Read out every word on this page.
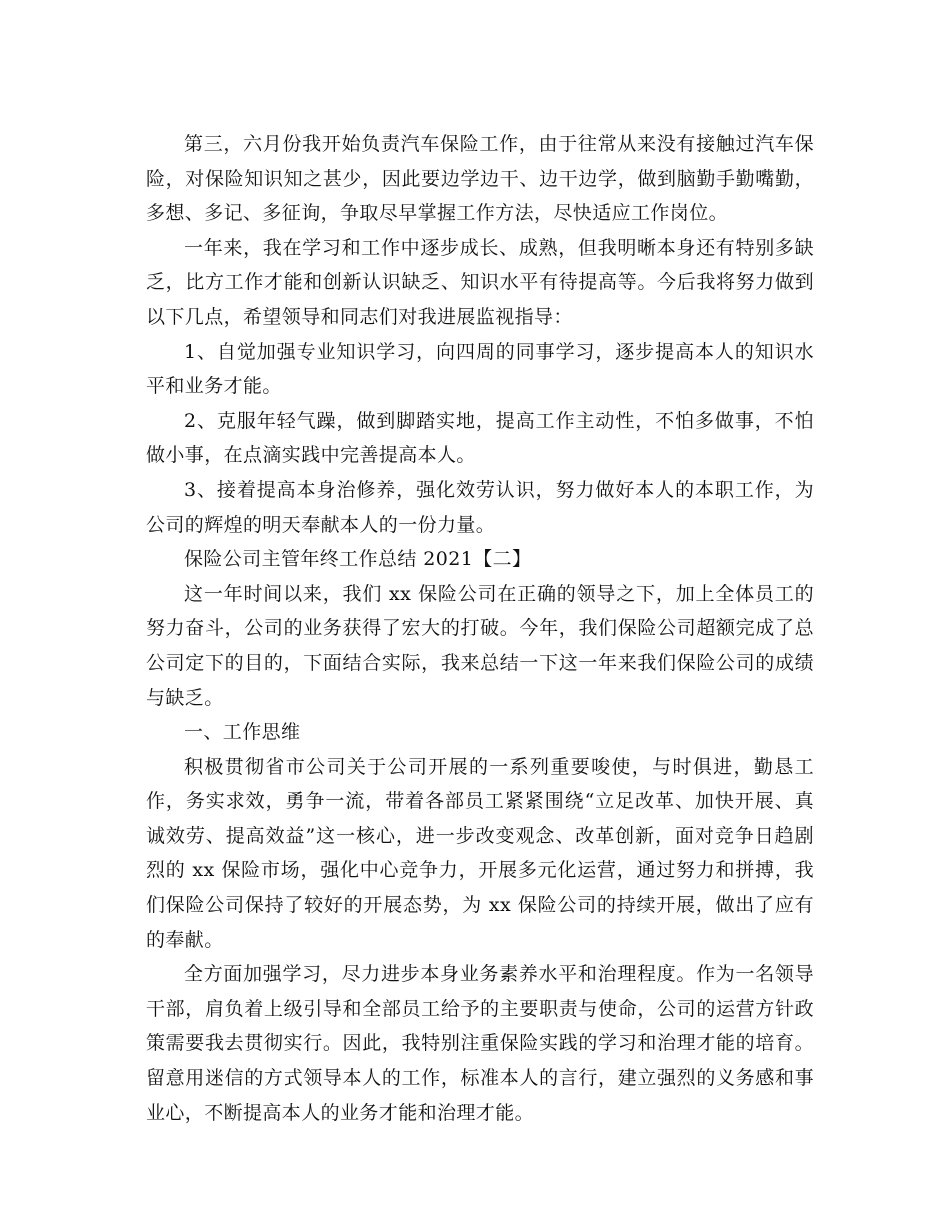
第三，六月份我开始负责汽车保险工作，由于往常从来没有接触过汽车保险，对保险知识知之甚少，因此要边学边干、边干边学，做到脑勤手勤嘴勤，多想、多记、多征询，争取尽早掌握工作方法，尽快适应工作岗位。

一年来，我在学习和工作中逐步成长、成熟，但我明晰本身还有特别多缺乏，比方工作才能和创新认识缺乏、知识水平有待提高等。今后我将努力做到以下几点，希望领导和同志们对我进展监视指导：

1、自觉加强专业知识学习，向四周的同事学习，逐步提高本人的知识水平和业务才能。

2、克服年轻气躁，做到脚踏实地，提高工作主动性，不怕多做事，不怕做小事，在点滴实践中完善提高本人。

3、接着提高本身治修养，强化效劳认识，努力做好本人的本职工作，为公司的辉煌的明天奉献本人的一份力量。

保险公司主管年终工作总结 2021【二】

这一年时间以来，我们 xx 保险公司在正确的领导之下，加上全体员工的努力奋斗，公司的业务获得了宏大的打破。今年，我们保险公司超额完成了总公司定下的目的，下面结合实际，我来总结一下这一年来我们保险公司的成绩与缺乏。

一、工作思维

积极贯彻省市公司关于公司开展的一系列重要唆使，与时俱进，勤恳工作，务实求效，勇争一流，带着各部员工紧紧围绕“立足改革、加快开展、真诚效劳、提高效益”这一核心，进一步改变观念、改革创新，面对竞争日趋剧烈的 xx 保险市场，强化中心竞争力，开展多元化运营，通过努力和拼搏，我们保险公司保持了较好的开展态势，为 xx 保险公司的持续开展，做出了应有的奉献。

全方面加强学习，尽力进步本身业务素养水平和治理程度。作为一名领导干部，肩负着上级引导和全部员工给予的主要职责与使命，公司的运营方针政策需要我去贯彻实行。因此，我特别注重保险实践的学习和治理才能的培育。留意用迷信的方式领导本人的工作，标准本人的言行，建立强烈的义务感和事业心，不断提高本人的业务才能和治理才能。
